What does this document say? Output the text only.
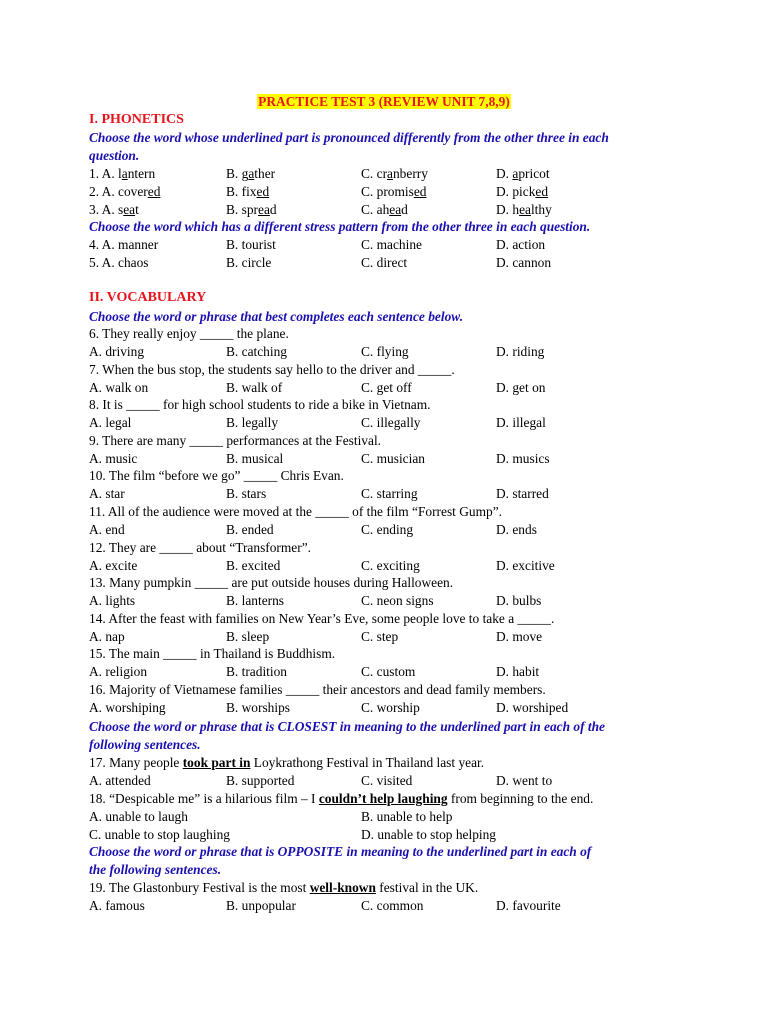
PRACTICE TEST 3 (REVIEW UNIT 7,8,9)
I. PHONETICS
Choose the word whose underlined part is pronounced differently from the other three in each
question.
1. A. lantern	B. gather	C. cranberry	D. apricot
2. A. covered	B. fixed	C. promised	D. picked
3. A. seat	B. spread	C. ahead	D. healthy
Choose the word which has a different stress pattern from the other three in each question.
4. A. manner	B. tourist	C. machine	D. action
5. A. chaos	B. circle	C. direct	D. cannon
II. VOCABULARY
Choose the word or phrase that best completes each sentence below.
6. They really enjoy _____ the plane.
A. driving	B. catching	C. flying	D. riding
7. When the bus stop, the students say hello to the driver and _____.
A. walk on	B. walk of	C. get off	D. get on
8. It is _____ for high school students to ride a bike in Vietnam.
A. legal	B. legally	C. illegally	D. illegal
9. There are many _____ performances at the Festival.
A. music	B. musical	C. musician	D. musics
10. The film “before we go” _____ Chris Evan.
A. star	B. stars	C. starring	D. starred
11. All of the audience were moved at the _____ of the film “Forrest Gump”.
A. end	B. ended	C. ending	D. ends
12. They are _____ about “Transformer”.
A. excite	B. excited	C. exciting	D. excitive
13. Many pumpkin _____ are put outside houses during Halloween.
A. lights	B. lanterns	C. neon signs	D. bulbs
14. After the feast with families on New Year’s Eve, some people love to take a _____.
A. nap	B. sleep	C. step	D. move
15. The main _____ in Thailand is Buddhism.
A. religion	B. tradition	C. custom	D. habit
16. Majority of Vietnamese families _____ their ancestors and dead family members.
A. worshiping	B. worships	C. worship	D. worshiped
Choose the word or phrase that is CLOSEST in meaning to the underlined part in each of the
following sentences.
17. Many people took part in Loykrathong Festival in Thailand last year.
A. attended	B. supported	C. visited	D. went to
18. “Despicable me” is a hilarious film – I couldn’t help laughing from beginning to the end.
A. unable to laugh	B. unable to help
C. unable to stop laughing	D. unable to stop helping
Choose the word or phrase that is OPPOSITE in meaning to the underlined part in each of
the following sentences.
19. The Glastonbury Festival is the most well-known festival in the UK.
A. famous	B. unpopular	C. common	D. favourite
